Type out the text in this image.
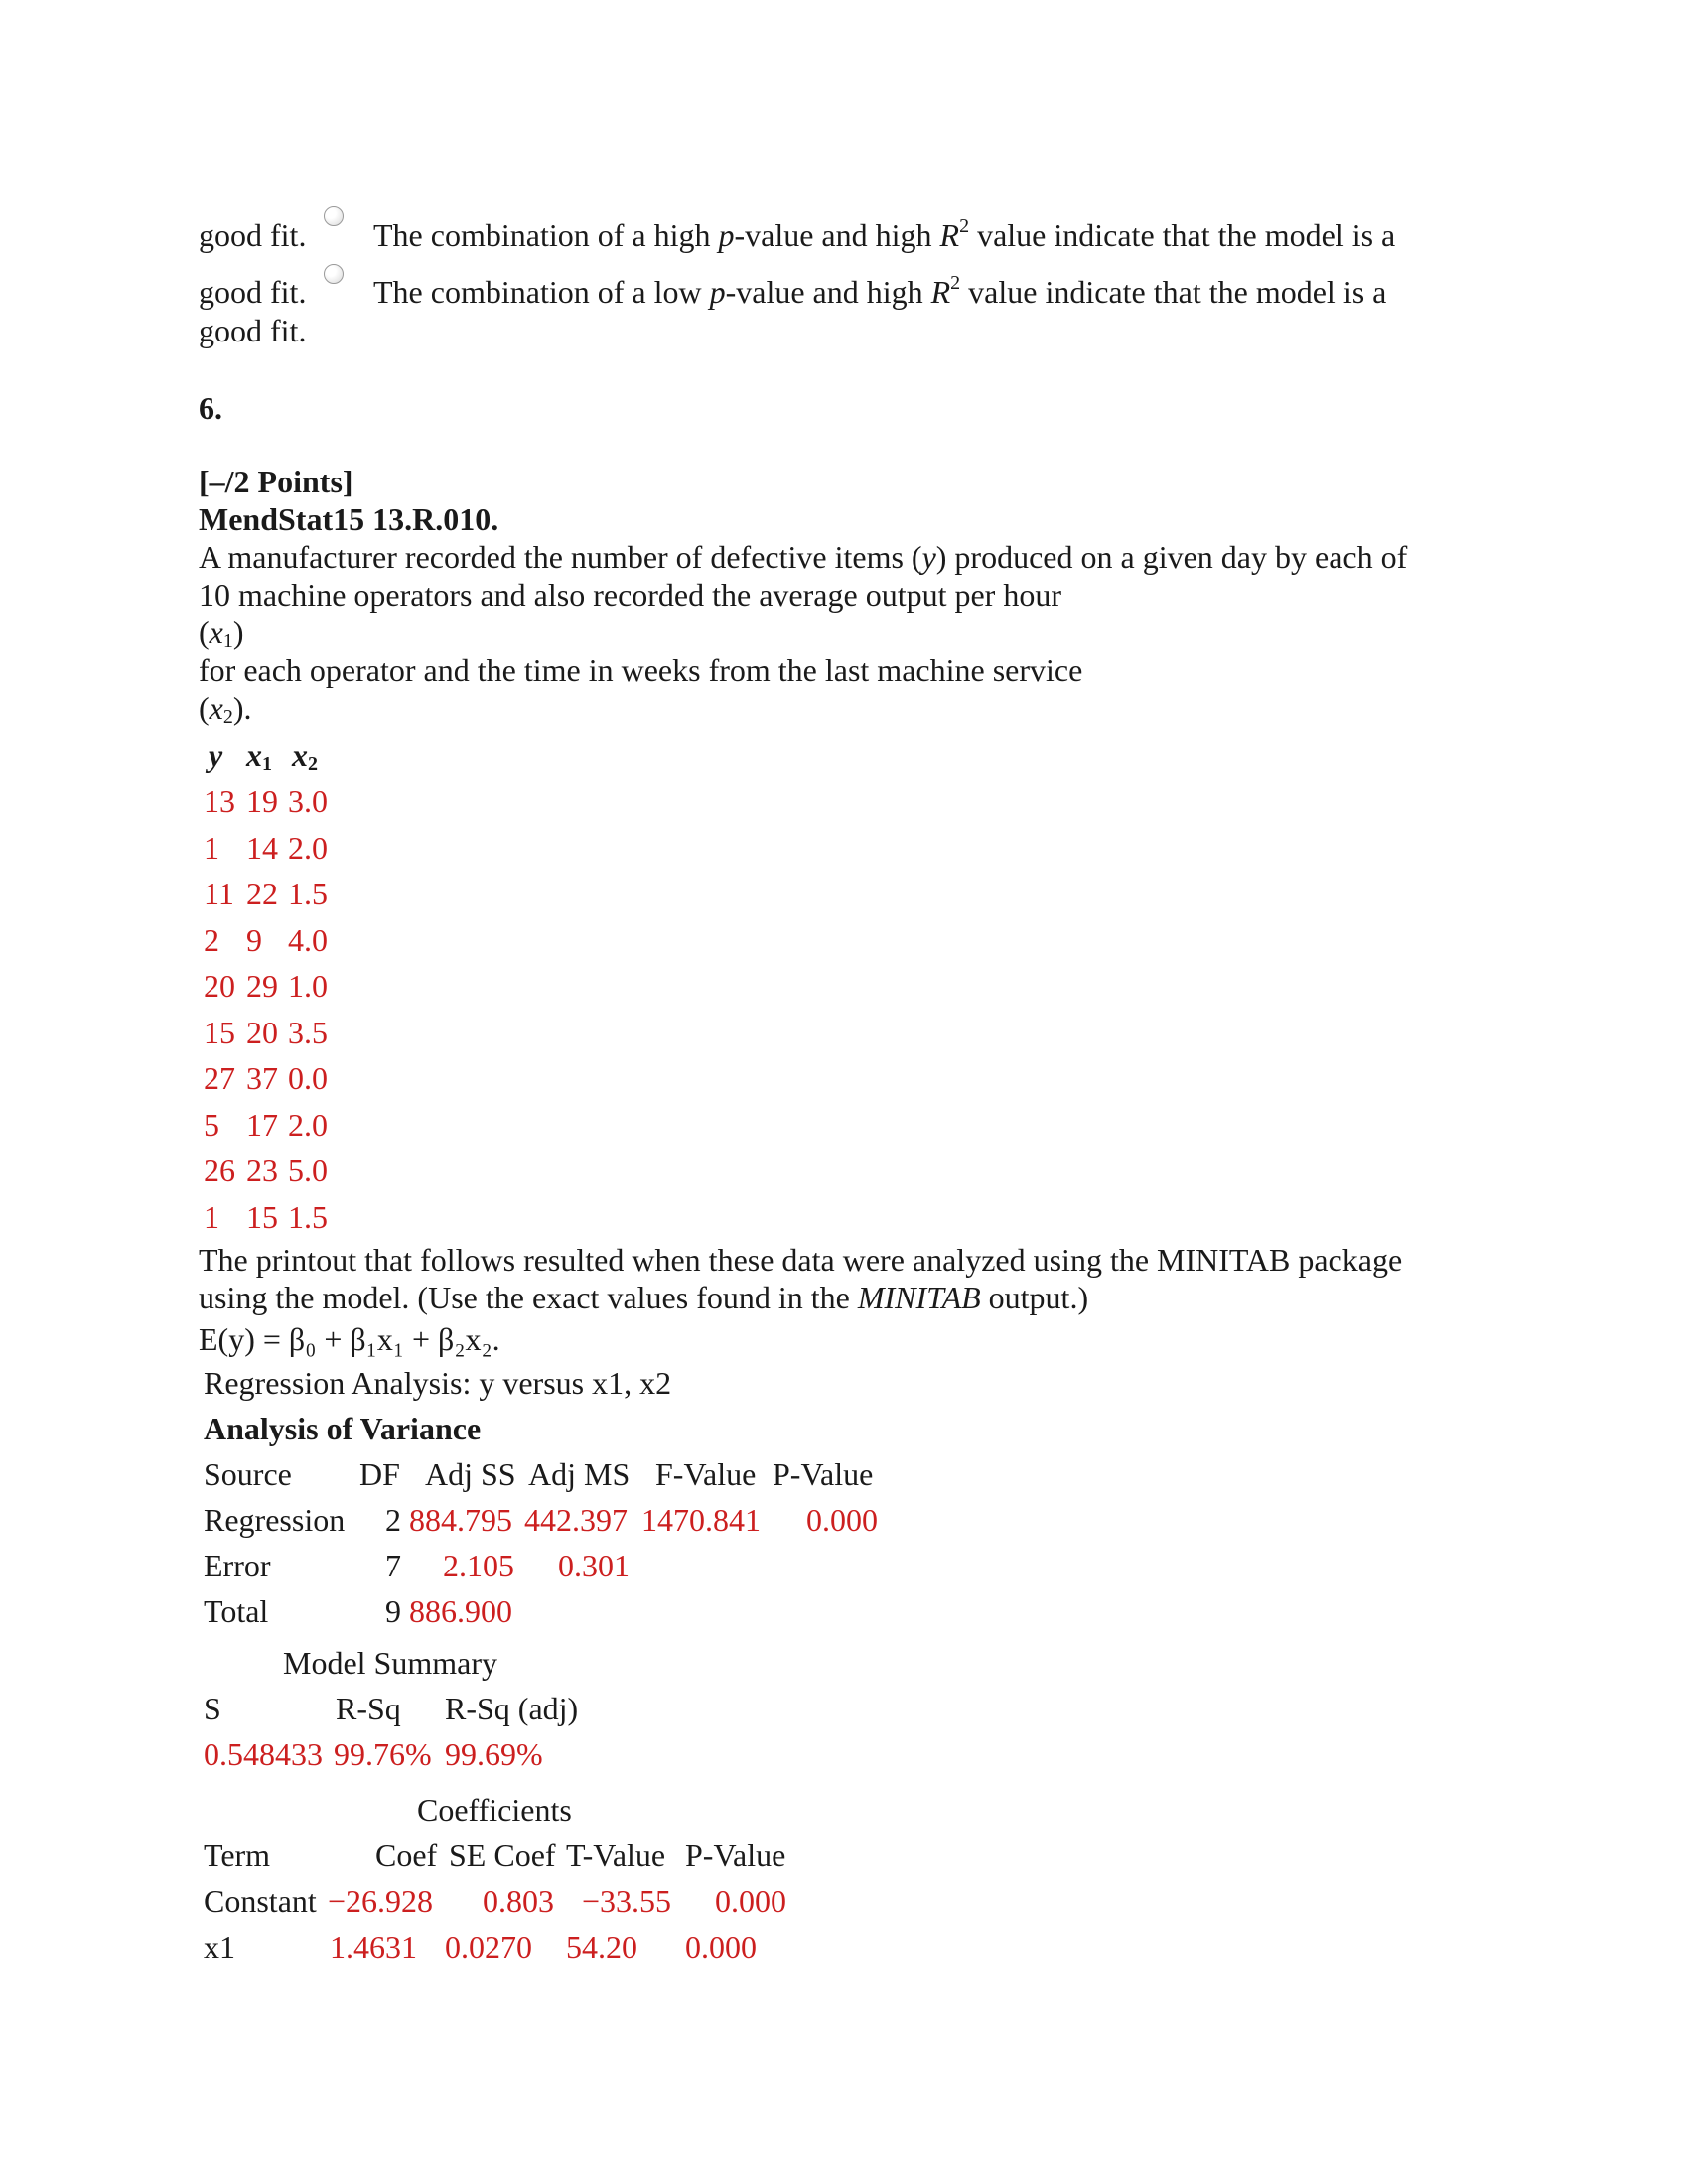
good fit. The combination of a high p-value and high $R^2$ value indicate that the model is a
good fit. The combination of a low p-value and high $R^2$ value indicate that the model is a
good fit.
6.
[–/2 Points]
MendStat15 13.R.010.
A manufacturer recorded the number of defective items (y) produced on a given day by each of
10 machine operators and also recorded the average output per hour
$(x_1)$
for each operator and the time in weeks from the last machine service
$(x_2)$.
y $x_1$ $x_2$
13 19 3.0
1 14 2.0
11 22 1.5
2 9 4.0
20 29 1.0
15 20 3.5
27 37 0.0
5 17 2.0
26 23 5.0
1 15 1.5
The printout that follows resulted when these data were analyzed using the MINITAB package
using the model. (Use the exact values found in the MINITAB output.)
E(y) = β₀ + β₁x₁ + β₂x₂.
Regression Analysis: y versus x1, x2
Analysis of Variance
Source DF Adj SS Adj MS F-Value P-Value
Regression 2 884.795 442.397 1470.841 0.000
Error	7 2.105 0.301
Total	9 886.900
Model Summary
S	R-Sq R-Sq (adj)
0.548433 99.76% 99.69%
Coefficients
Term	Coef SE Coef T-Value P-Value
Constant −26.928 0.803 −33.55 0.000
x1	1.4631 0.0270 54.20 0.000
